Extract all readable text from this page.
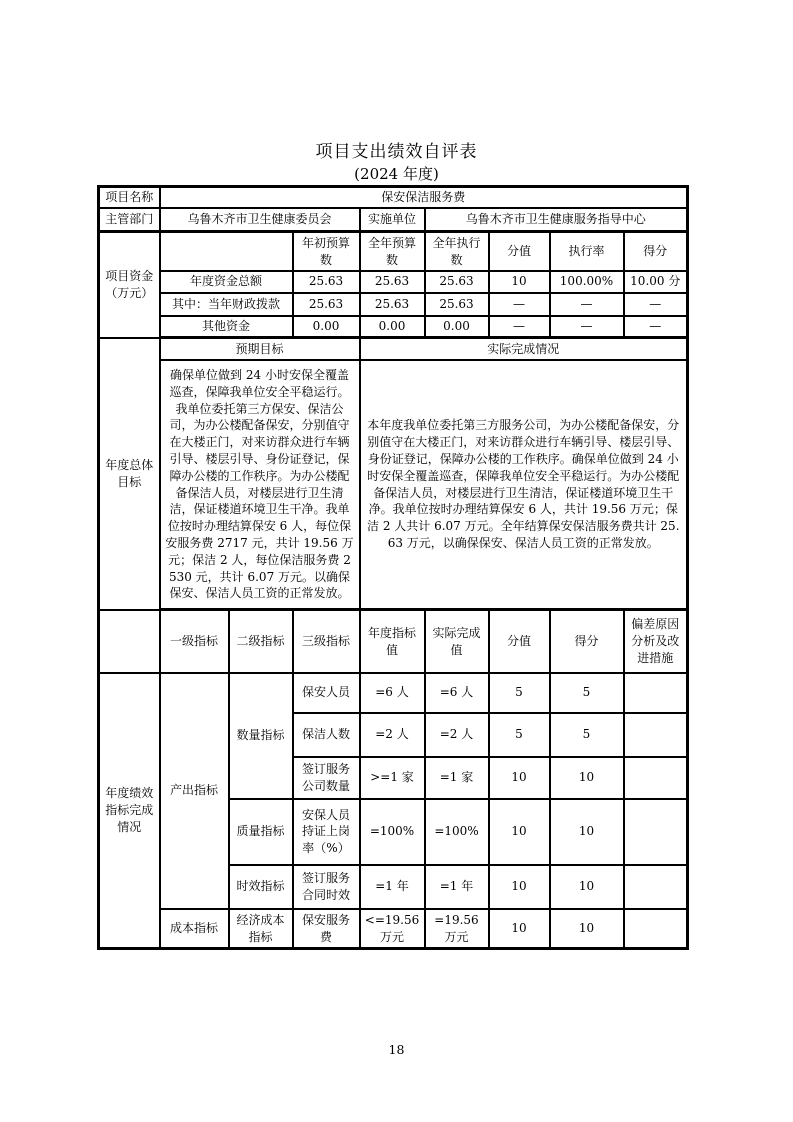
项目支出绩效自评表
(2024 年度)
项目名称	保安保洁服务费							
主管部门	乌鲁木齐市卫生健康委员会			实施单位	乌鲁木齐市卫生健康服务指导中心			
项目资金（万元）			年初预算数	全年预算数	全年执行数	分值	执行率	得分
	年度资金总额		25.63	25.63	25.63	10	100.00%	10.00 分
	其中：当年财政拨款		25.63	25.63	25.63	—	—	—
	其他资金		0.00	0.00	0.00	—	—	—
年度总体目标	预期目标			实际完成情况				
确保单位做到 24 小时安保全覆盖巡查，保障我单位安全平稳运行。我单位委托第三方保安、保洁公司，为办公楼配备保安，分别值守在大楼正门，对来访群众进行车辆引导、楼层引导、身份证登记，保障办公楼的工作秩序。为办公楼配备保洁人员，对楼层进行卫生清洁，保证楼道环境卫生干净。我单位按时办理结算保安 6 人，每位保安服务费 2717 元，共计 19.56 万元；保洁 2 人，每位保洁服务费 2530 元，共计 6.07 万元。以确保保安、保洁人员工资的正常发放。	本年度我单位委托第三方服务公司，为办公楼配备保安，分别值守在大楼正门，对来访群众进行车辆引导、楼层引导、身份证登记，保障办公楼的工作秩序。确保单位做到 24 小时安保全覆盖巡查，保障我单位安全平稳运行。为办公楼配备保洁人员，对楼层进行卫生清洁，保证楼道环境卫生干净。我单位按时办理结算保安 6 人，共计 19.56 万元；保洁 2 人共计 6.07 万元。全年结算保安保洁服务费共计 25.63 万元，以确保保安、保洁人员工资的正常发放。
	一级指标	二级指标	三级指标	年度指标值	实际完成值	分值	得分	偏差原因分析及改进措施
年度绩效指标完成情况	产出指标	数量指标	保安人员	=6 人	=6 人	5	5	
			保洁人数	=2 人	=2 人	5	5	
			签订服务公司数量	>=1 家	=1 家	10	10	
		质量指标	安保人员持证上岗率（%）	=100%	=100%	10	10	
		时效指标	签订服务合同时效	=1 年	=1 年	10	10	
	成本指标	经济成本指标	保安服务费	<=19.56 万元	=19.56 万元	10	10	
18
